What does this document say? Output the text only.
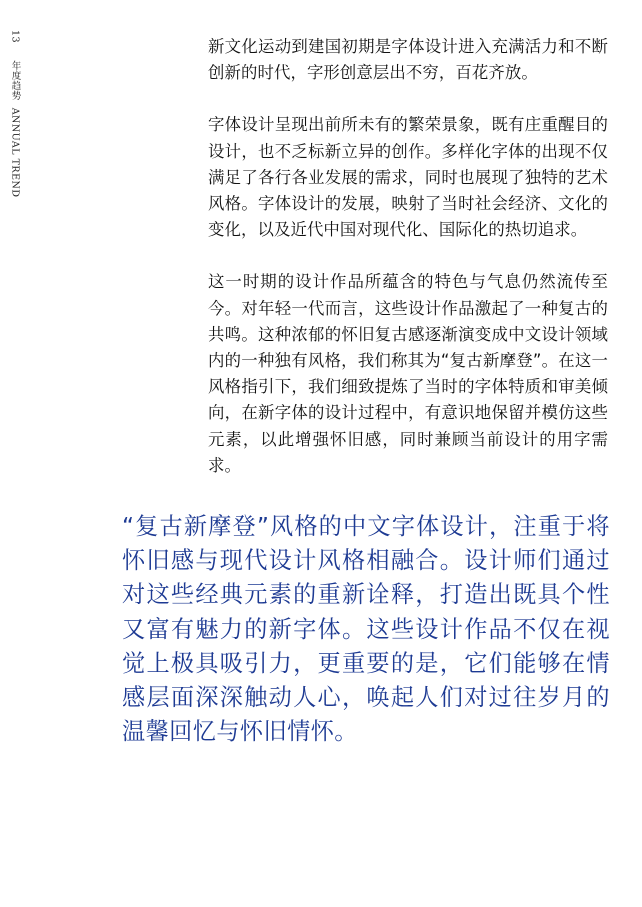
13 年度趋势  ANNUAL TREND

新文化运动到建国初期是字体设计进入充满活力和不断创新的时代，字形创意层出不穷，百花齐放。

字体设计呈现出前所未有的繁荣景象，既有庄重醒目的设计，也不乏标新立异的创作。多样化字体的出现不仅满足了各行各业发展的需求，同时也展现了独特的艺术风格。字体设计的发展，映射了当时社会经济、文化的变化，以及近代中国对现代化、国际化的热切追求。

这一时期的设计作品所蕴含的特色与气息仍然流传至今。对年轻一代而言，这些设计作品激起了一种复古的共鸣。这种浓郁的怀旧复古感逐渐演变成中文设计领域内的一种独有风格，我们称其为“复古新摩登”。在这一风格指引下，我们细致提炼了当时的字体特质和审美倾向，在新字体的设计过程中，有意识地保留并模仿这些元素，以此增强怀旧感，同时兼顾当前设计的用字需求。

“复古新摩登”风格的中文字体设计，注重于将怀旧感与现代设计风格相融合。设计师们通过对这些经典元素的重新诠释，打造出既具个性又富有魅力的新字体。这些设计作品不仅在视觉上极具吸引力，更重要的是，它们能够在情感层面深深触动人心，唤起人们对过往岁月的温馨回忆与怀旧情怀。
